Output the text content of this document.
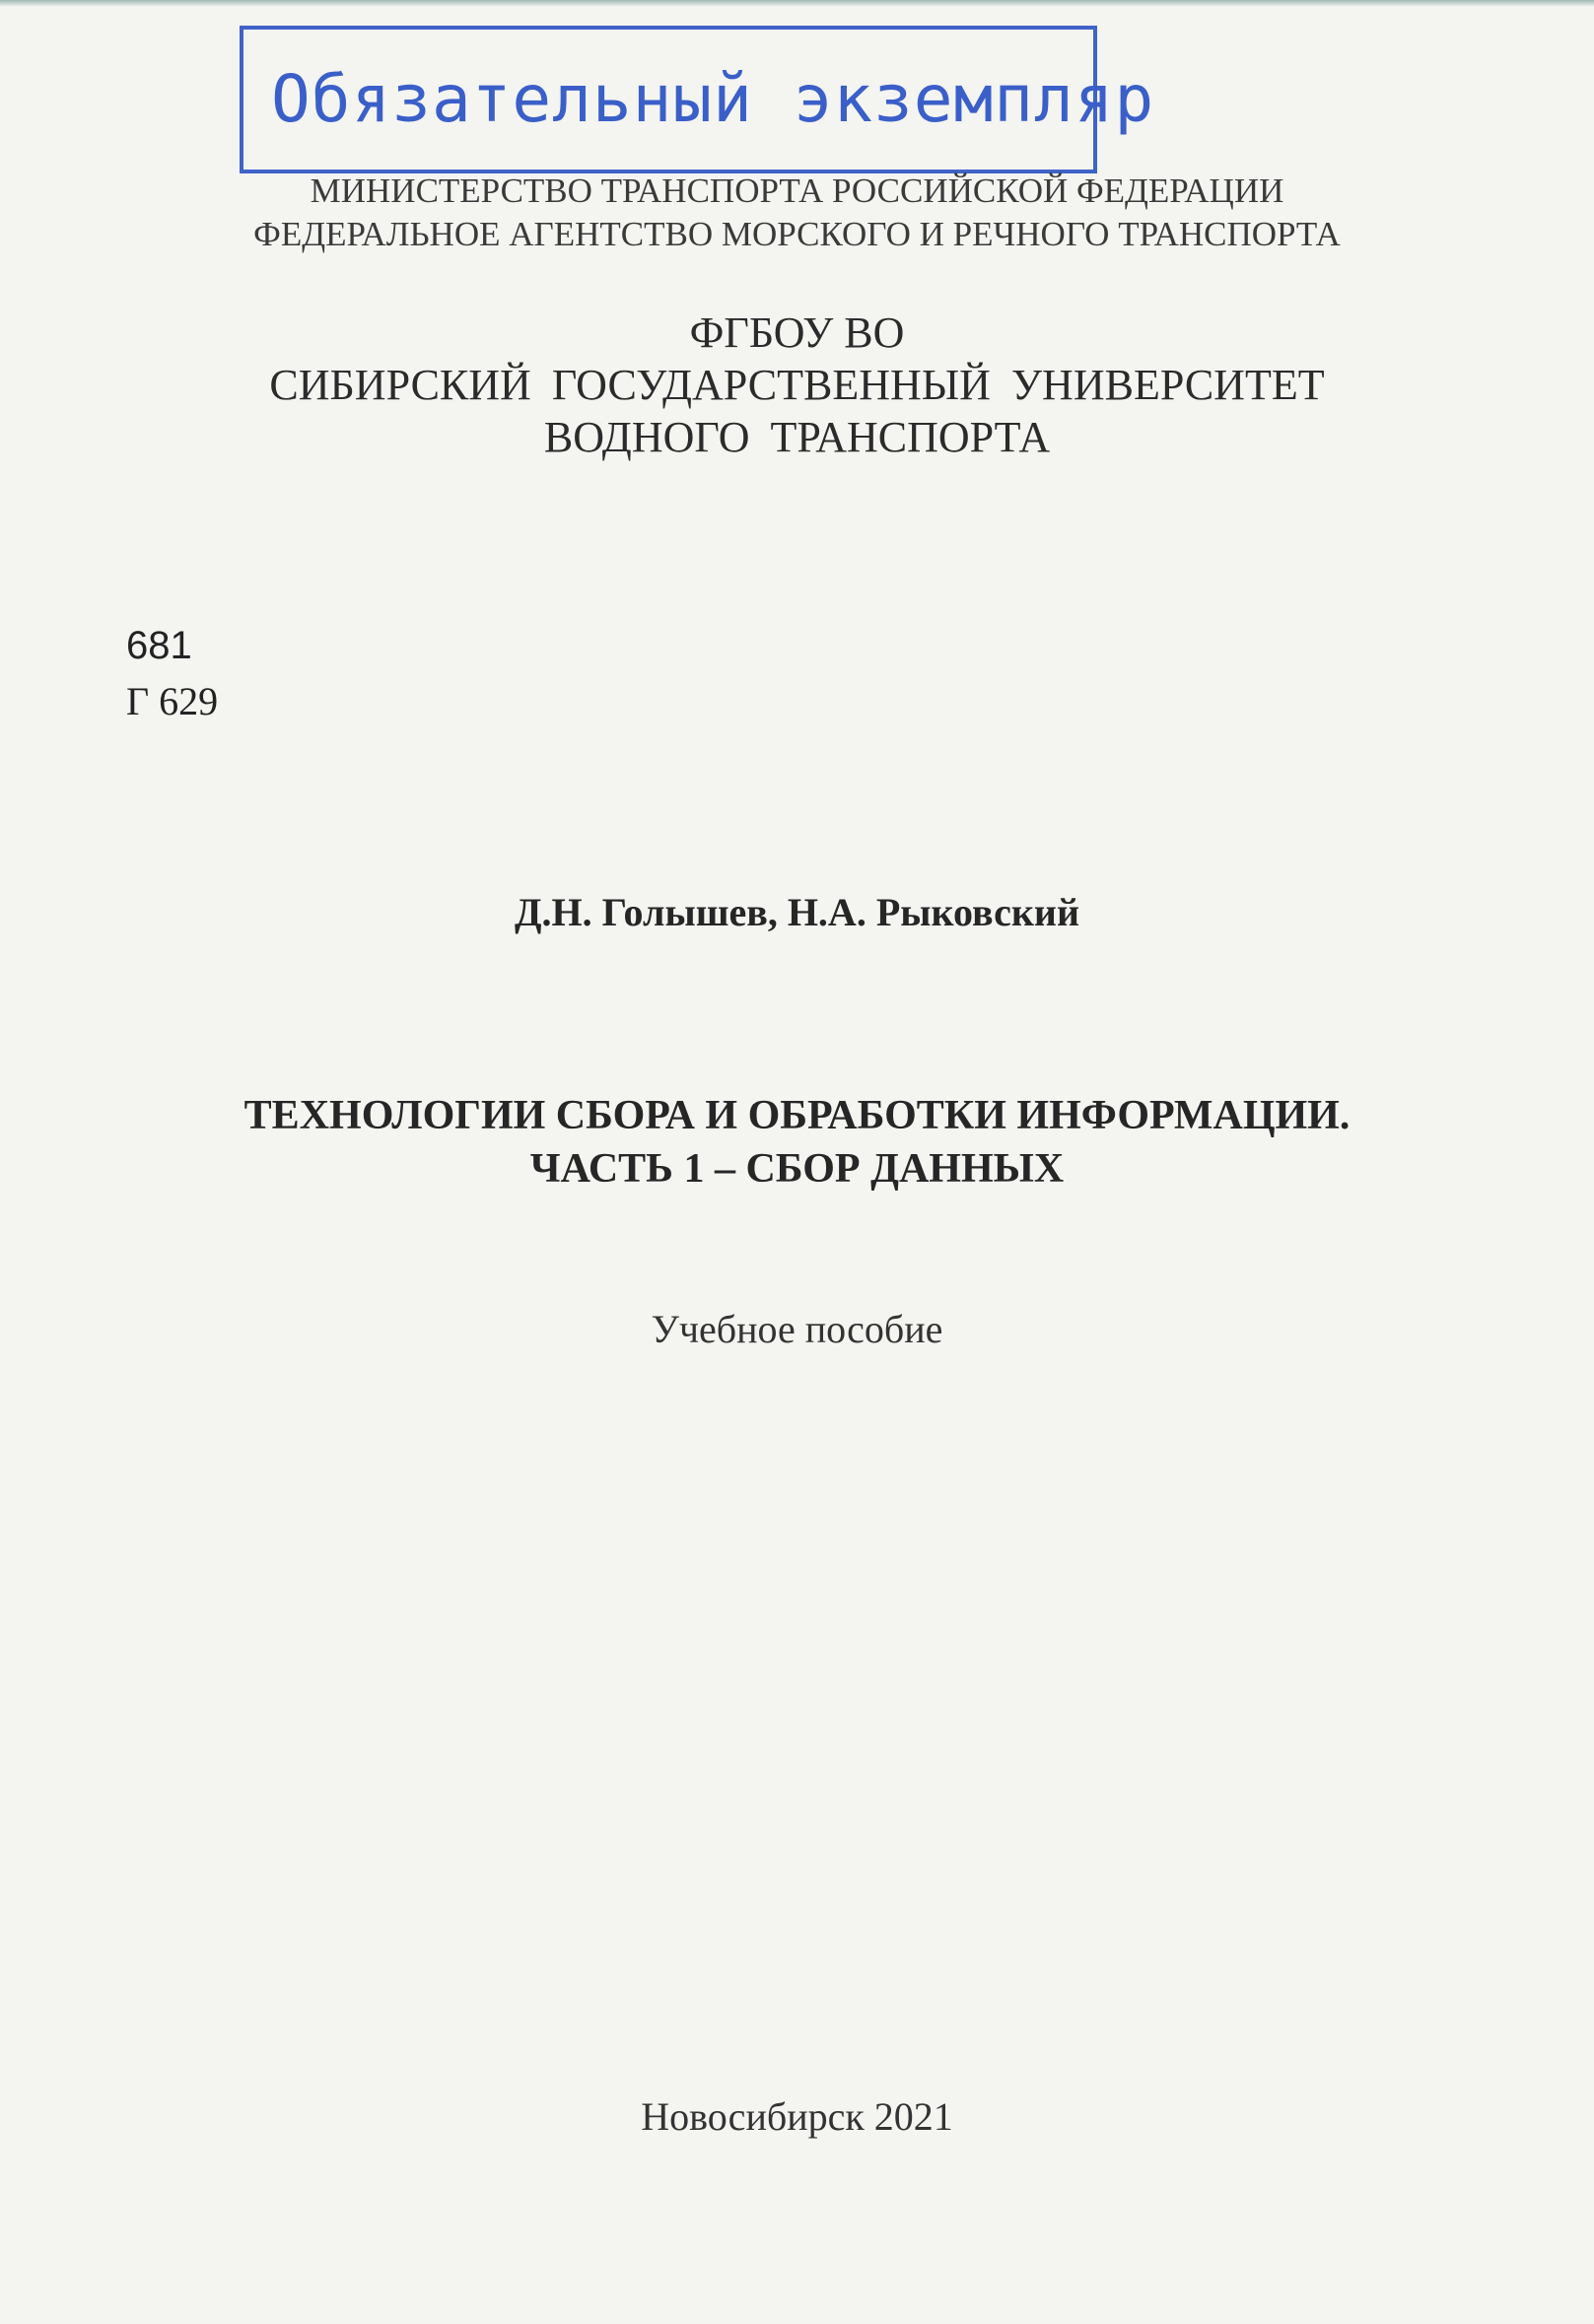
Обязательный экземпляр
МИНИСТЕРСТВО ТРАНСПОРТА РОССИЙСКОЙ ФЕДЕРАЦИИ
ФЕДЕРАЛЬНОЕ АГЕНТСТВО МОРСКОГО И РЕЧНОГО ТРАНСПОРТА
ФГБОУ ВО
СИБИРСКИЙ ГОСУДАРСТВЕННЫЙ УНИВЕРСИТЕТ
ВОДНОГО ТРАНСПОРТА
681
Г 629
Д.Н. Голышев, Н.А. Рыковский
ТЕХНОЛОГИИ СБОРА И ОБРАБОТКИ ИНФОРМАЦИИ.
ЧАСТЬ 1 – СБОР ДАННЫХ
Учебное пособие
Новосибирск 2021
